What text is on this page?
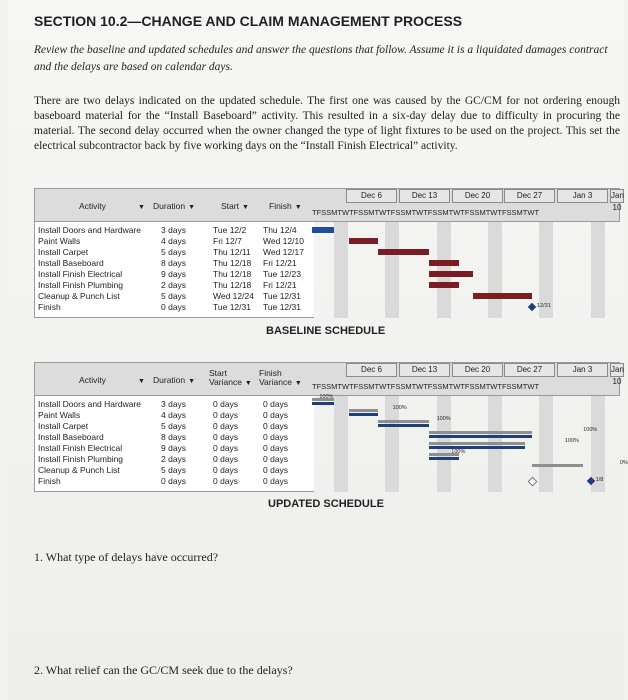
SECTION 10.2—CHANGE AND CLAIM MANAGEMENT PROCESS
Review the baseline and updated schedules and answer the questions that follow. Assume it is a liquidated damages contract and the delays are based on calendar days.
There are two delays indicated on the updated schedule. The first one was caused by the GC/CM for not ordering enough baseboard material for the “Install Baseboard” activity. This resulted in a six-day delay due to difficulty in procuring the material. The second delay occurred when the owner changed the type of light fixtures to be used on the project. This set the electrical subcontractor back by five working days on the “Install Finish Electrical” activity.
Activity	▼ Duration ▼	Start ▼ Finish ▼
Dec 6	Dec 13	Dec 20	Dec 27	Jan 3	Jan 10
TFSSMTWTFSSMTWTFSSMTWTFSSMTWTFSSMTWTFSSMTWT
Install Doors and Hardware 3 days	Tue 12/2 Thu 12/4
Paint Walls	4 days	Fri 12/7 Wed 12/10
Install Carpet	5 days	Thu 12/11 Wed 12/17
Install Baseboard	8 days	Thu 12/18 Fri 12/21
Install Finish Electrical	9 days	Thu 12/18 Tue 12/23
Install Finish Plumbing	2 days	Thu 12/18 Fri 12/21
Cleanup & Punch List	5 days	Wed 12/24 Tue 12/31
Finish	0 days	Tue 12/31 Tue 12/31	12/31
BASELINE SCHEDULE
Activity	▼ Duration ▼
Start Variance ▼
Finish Variance ▼
Dec 6	Dec 13	Dec 20	Dec 27	Jan 3	Jan 10
TFSSMTWTFSSMTWTFSSMTWTFSSMTWTFSSMTWTFSSMTWT
Install Doors and Hardware 3 days	0 days	0 days
Paint Walls	4 days	0 days	0 days
Install Carpet	5 days	0 days	0 days
Install Baseboard	8 days	0 days	0 days
Install Finish Electrical	9 days	0 days	0 days
Install Finish Plumbing	2 days	0 days	0 days
Cleanup & Punch List	5 days	0 days	0 days
Finish	0 days	0 days	0 days
100%
100%
100%
100%
100%
100%
0%
1/8
UPDATED SCHEDULE
1. What type of delays have occurred?
2. What relief can the GC/CM seek due to the delays?
